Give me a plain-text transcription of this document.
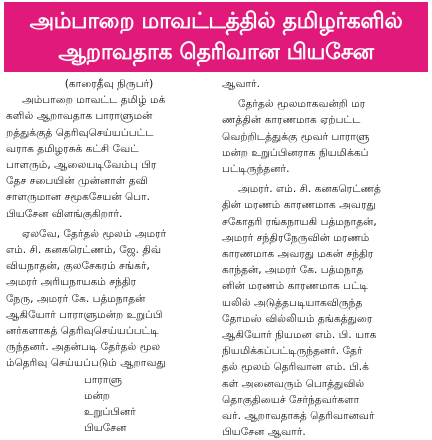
அம்பாறை மாவட்டத்தில் தமிழர்களில்
ஆறாவதாக தெரிவான பியசேன
(காரைதீவு நிருபர்)
அம்பாறை மாவட்ட தமிழ் மக்
களில் ஆறாவதாக பாராளுமன்
றத்துக்குத் தெரிவுசெய்யப்பட்ட
வராக தமிழரசுக் கட்சி வேட்
பாளரும், ஆலையடிவேம்பு பிர
தேச சபையின் முன்னாள் தவி
சாளருமான சமூகசேயன் பொ.
பியசேன விளங்குகிறார்.
ஏலவே, தேர்தல் மூலம் அமரர்
எம். சி. கனகரெட்ணம், ஜே. திவ்
வியநாதன், குலசேகரம் சங்கர்,
அமரர் அரியநாயகம் சந்திர
நேரு, அமரர் கே. பத்மநாதன்
ஆகியோர் பாராளுமன்ற உறுப்பி
னர்களாகத் தெரிவுசெய்யப்பட்டி
ருந்தனர். அதன்படி தேர்தல் மூல
ம்தெரிவு செய்யப்படும் ஆறாவது
பாராளு
மன்ற
உறுப்பினர்
பியசேன
ஆவார்.
தேர்தல் மூலமாகவன்றி மர
ணத்தின் காரணமாக ஏற்பட்ட
வெற்றிடத்துக்கு மூவர் பாராளு
மன்ற உறுப்பினராக நியமிக்கப்
பட்டிருந்தனர்.
அமரர். எம். சி. கனகரெட்ணத்
தின் மரணம் காரணமாக அவரது
சகோதரி ரங்கநாயகி பத்மநாதன்,
அமரர் சந்திரநேருவின் மரணம்
காரணமாக அவரது மகன் சந்திர
காந்தன், அமரர் கே. பத்மநாத
னின் மரணம் காரணமாக பட்டி
யலில் அடுத்தபடியாகவிருந்த
தோமஸ் வில்லியம் தங்கத்துரை
ஆகியோர் நியமன எம். பி. யாக
நியமிக்கப்பட்டிருந்தனர். தேர்
தல் மூலம் தெரிவான எம். பி.க்
கள் அனைவரும் பொத்துவில்
தொகுதியைச் சேர்ந்தவர்களா
வர். ஆறாவதாகத் தெரிவானவர்
பியசேன ஆவார்.
